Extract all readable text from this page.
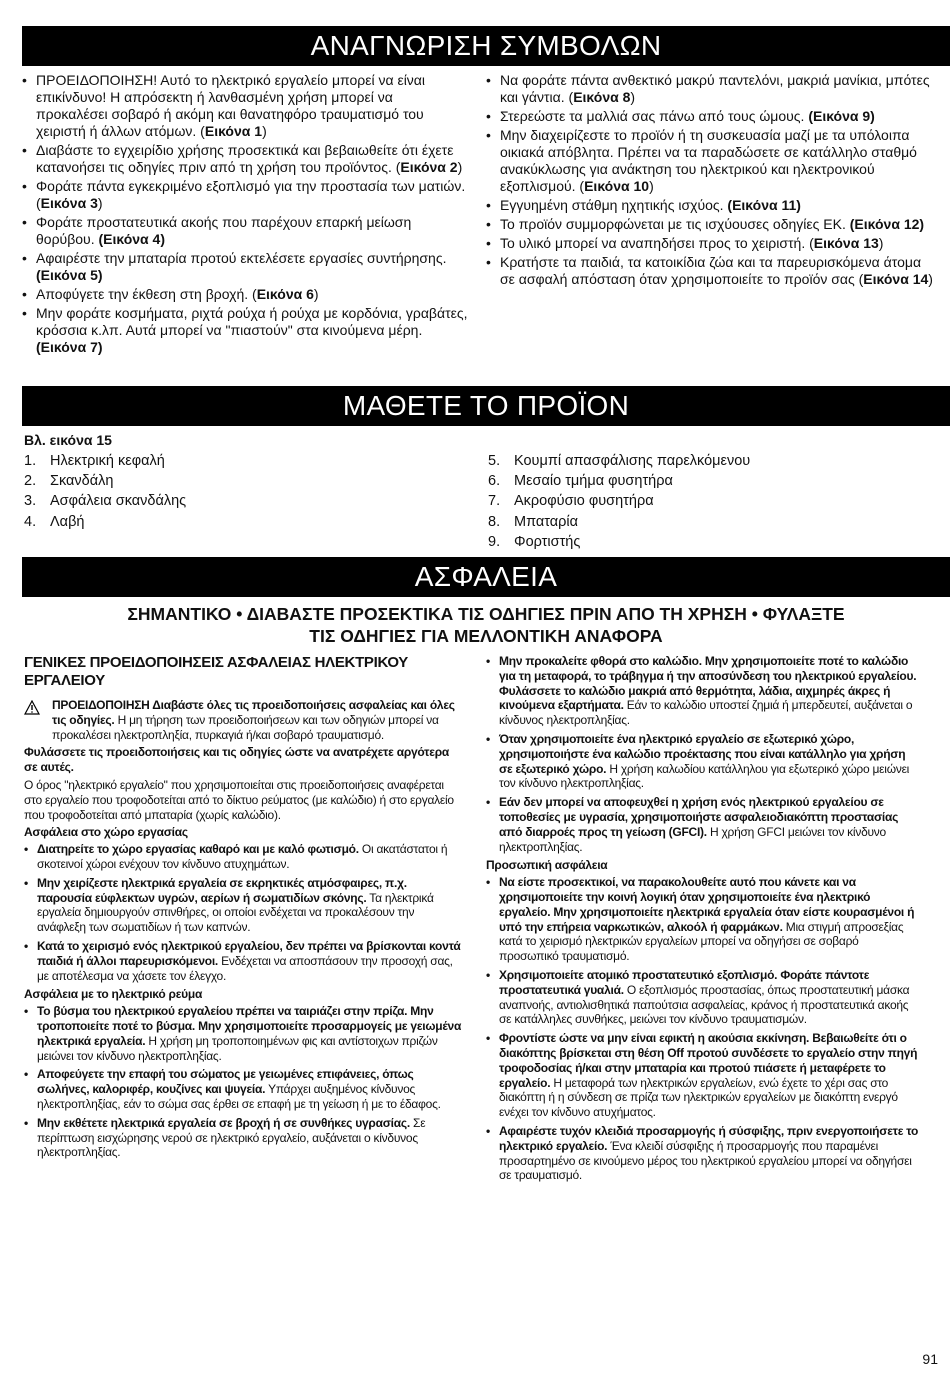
ΑΝΑΓΝΩΡΙΣΗ ΣΥΜΒΟΛΩΝ
• ΠΡΟΕΙΔΟΠΟΙΗΣΗ! Αυτό το ηλεκτρικό εργαλείο μπορεί να είναι επικίνδυνο! Η απρόσεκτη ή λανθασμένη χρήση μπορεί να προκαλέσει σοβαρό ή ακόμη και θανατηφόρο τραυματισμό του χειριστή ή άλλων ατόμων. (Εικόνα 1)
• Διαβάστε το εγχειρίδιο χρήσης προσεκτικά και βεβαιωθείτε ότι έχετε κατανοήσει τις οδηγίες πριν από τη χρήση του προϊόντος. (Εικόνα 2)
• Φοράτε πάντα εγκεκριμένο εξοπλισμό για την προστασία των ματιών. (Εικόνα 3)
• Φοράτε προστατευτικά ακοής που παρέχουν επαρκή μείωση θορύβου. (Εικόνα 4)
• Αφαιρέστε την μπαταρία προτού εκτελέσετε εργασίες συντήρησης. (Εικόνα 5)
• Αποφύγετε την έκθεση στη βροχή. (Εικόνα 6)
• Μην φοράτε κοσμήματα, ριχτά ρούχα ή ρούχα με κορδόνια, γραβάτες, κρόσσια κ.λπ. Αυτά μπορεί να "πιαστούν" στα κινούμενα μέρη. (Εικόνα 7)
• Να φοράτε πάντα ανθεκτικό μακρύ παντελόνι, μακριά μανίκια, μπότες και γάντια. (Εικόνα 8)
• Στερεώστε τα μαλλιά σας πάνω από τους ώμους. (Εικόνα 9)
• Μην διαχειρίζεστε το προϊόν ή τη συσκευασία μαζί με τα υπόλοιπα οικιακά απόβλητα. Πρέπει να τα παραδώσετε σε κατάλληλο σταθμό ανακύκλωσης για ανάκτηση του ηλεκτρικού και ηλεκτρονικού εξοπλισμού. (Εικόνα 10)
• Εγγυημένη στάθμη ηχητικής ισχύος. (Εικόνα 11)
• Το προϊόν συμμορφώνεται με τις ισχύουσες οδηγίες ΕΚ. (Εικόνα 12)
• Το υλικό μπορεί να αναπηδήσει προς το χειριστή. (Εικόνα 13)
• Κρατήστε τα παιδιά, τα κατοικίδια ζώα και τα παρευρισκόμενα άτομα σε ασφαλή απόσταση όταν χρησιμοποιείτε το προϊόν σας (Εικόνα 14)
ΜΑΘΕΤΕ ΤΟ ΠΡΟΪΟΝ
Βλ. εικόνα 15
1. Ηλεκτρική κεφαλή
2. Σκανδάλη
3. Ασφάλεια σκανδάλης
4. Λαβή
5. Κουμπί απασφάλισης παρελκόμενου
6. Μεσαίο τμήμα φυσητήρα
7. Ακροφύσιο φυσητήρα
8. Μπαταρία
9. Φορτιστής
ΑΣΦΑΛΕΙΑ
ΣΗΜΑΝΤΙΚΟ • ΔΙΑΒΑΣΤΕ ΠΡΟΣΕΚΤΙΚΑ ΤΙΣ ΟΔΗΓΙΕΣ ΠΡΙΝ ΑΠΟ ΤΗ ΧΡΗΣΗ • ΦΥΛΑΞΤΕ
ΤΙΣ ΟΔΗΓΙΕΣ ΓΙΑ ΜΕΛΛΟΝΤΙΚΗ ΑΝΑΦΟΡΑ
ΓΕΝΙΚΕΣ ΠΡΟΕΙΔΟΠΟΙΗΣΕΙΣ ΑΣΦΑΛΕΙΑΣ ΗΛΕΚΤΡΙΚΟΥ ΕΡΓΑΛΕΙΟΥ

ΠΡΟΕΙΔΟΠΟΙΗΣΗ Διαβάστε όλες τις προειδοποιήσεις ασφαλείας και όλες τις οδηγίες. Η μη τήρηση των προειδοποιήσεων και των οδηγιών μπορεί να προκαλέσει ηλεκτροπληξία, πυρκαγιά ή/και σοβαρό τραυματισμό.

Φυλάσσετε τις προειδοποιήσεις και τις οδηγίες ώστε να ανατρέχετε αργότερα σε αυτές.

Ο όρος "ηλεκτρικό εργαλείο" που χρησιμοποιείται στις προειδοποιήσεις αναφέρεται στο εργαλείο που τροφοδοτείται από το δίκτυο ρεύματος (με καλώδιο) ή στο εργαλείο που τροφοδοτείται από μπαταρία (χωρίς καλώδιο).

Ασφάλεια στο χώρο εργασίας
• Διατηρείτε το χώρο εργασίας καθαρό και με καλό φωτισμό. Οι ακατάστατοι ή σκοτεινοί χώροι ενέχουν τον κίνδυνο ατυχημάτων.
• Μην χειρίζεστε ηλεκτρικά εργαλεία σε εκρηκτικές ατμόσφαιρες, π.χ. παρουσία εύφλεκτων υγρών, αερίων ή σωματιδίων σκόνης. Τα ηλεκτρικά εργαλεία δημιουργούν σπινθήρες, οι οποίοι ενδέχεται να προκαλέσουν την ανάφλεξη των σωματιδίων ή των καπνών.
• Κατά το χειρισμό ενός ηλεκτρικού εργαλείου, δεν πρέπει να βρίσκονται κοντά παιδιά ή άλλοι παρευρισκόμενοι. Ενδέχεται να αποσπάσουν την προσοχή σας, με αποτέλεσμα να χάσετε τον έλεγχο.
Ασφάλεια με το ηλεκτρικό ρεύμα
• Το βύσμα του ηλεκτρικού εργαλείου πρέπει να ταιριάζει στην πρίζα. Μην τροποποιείτε ποτέ το βύσμα. Μην χρησιμοποιείτε προσαρμογείς με γειωμένα ηλεκτρικά εργαλεία. Η χρήση μη τροποποιημένων φις και αντίστοιχων πριζών μειώνει τον κίνδυνο ηλεκτροπληξίας.
• Αποφεύγετε την επαφή του σώματος με γειωμένες επιφάνειες, όπως σωλήνες, καλοριφέρ, κουζίνες και ψυγεία. Υπάρχει αυξημένος κίνδυνος ηλεκτροπληξίας, εάν το σώμα σας έρθει σε επαφή με τη γείωση ή με το έδαφος.
• Μην εκθέτετε ηλεκτρικά εργαλεία σε βροχή ή σε συνθήκες υγρασίας. Σε περίπτωση εισχώρησης νερού σε ηλεκτρικό εργαλείο, αυξάνεται ο κίνδυνος ηλεκτροπληξίας.
• Μην προκαλείτε φθορά στο καλώδιο. Μην χρησιμοποιείτε ποτέ το καλώδιο για τη μεταφορά, το τράβηγμα ή την αποσύνδεση του ηλεκτρικού εργαλείου. Φυλάσσετε το καλώδιο μακριά από θερμότητα, λάδια, αιχμηρές άκρες ή κινούμενα εξαρτήματα. Εάν το καλώδιο υποστεί ζημιά ή μπερδευτεί, αυξάνεται ο κίνδυνος ηλεκτροπληξίας.
• Όταν χρησιμοποιείτε ένα ηλεκτρικό εργαλείο σε εξωτερικό χώρο, χρησιμοποιήστε ένα καλώδιο προέκτασης που είναι κατάλληλο για χρήση σε εξωτερικό χώρο. Η χρήση καλωδίου κατάλληλου για εξωτερικό χώρο μειώνει τον κίνδυνο ηλεκτροπληξίας.
• Εάν δεν μπορεί να αποφευχθεί η χρήση ενός ηλεκτρικού εργαλείου σε τοποθεσίες με υγρασία, χρησιμοποιήστε ασφαλειοδιακόπτη προστασίας από διαρροές προς τη γείωση (GFCI). Η χρήση GFCI μειώνει τον κίνδυνο ηλεκτροπληξίας.
Προσωπική ασφάλεια
• Να είστε προσεκτικοί, να παρακολουθείτε αυτό που κάνετε και να χρησιμοποιείτε την κοινή λογική όταν χρησιμοποιείτε ένα ηλεκτρικό εργαλείο. Μην χρησιμοποιείτε ηλεκτρικά εργαλεία όταν είστε κουρασμένοι ή υπό την επήρεια ναρκωτικών, αλκοόλ ή φαρμάκων. Μια στιγμή απροσεξίας κατά το χειρισμό ηλεκτρικών εργαλείων μπορεί να οδηγήσει σε σοβαρό προσωπικό τραυματισμό.
• Χρησιμοποιείτε ατομικό προστατευτικό εξοπλισμό. Φοράτε πάντοτε προστατευτικά γυαλιά. Ο εξοπλισμός προστασίας, όπως προστατευτική μάσκα αναπνοής, αντιολισθητικά παπούτσια ασφαλείας, κράνος ή προστατευτικά ακοής σε κατάλληλες συνθήκες, μειώνει τον κίνδυνο τραυματισμών.
• Φροντίστε ώστε να μην είναι εφικτή η ακούσια εκκίνηση. Βεβαιωθείτε ότι ο διακόπτης βρίσκεται στη θέση Off προτού συνδέσετε το εργαλείο στην πηγή τροφοδοσίας ή/και στην μπαταρία και προτού πιάσετε ή μεταφέρετε το εργαλείο. Η μεταφορά των ηλεκτρικών εργαλείων, ενώ έχετε το χέρι σας στο διακόπτη ή η σύνδεση σε πρίζα των ηλεκτρικών εργαλείων με διακόπτη ενεργό ενέχει τον κίνδυνο ατυχήματος.
• Αφαιρέστε τυχόν κλειδιά προσαρμογής ή σύσφιξης, πριν ενεργοποιήσετε το ηλεκτρικό εργαλείο. Ένα κλειδί σύσφιξης ή προσαρμογής που παραμένει προσαρτημένο σε κινούμενο μέρος του ηλεκτρικού εργαλείου μπορεί να οδηγήσει σε τραυματισμό.
91
